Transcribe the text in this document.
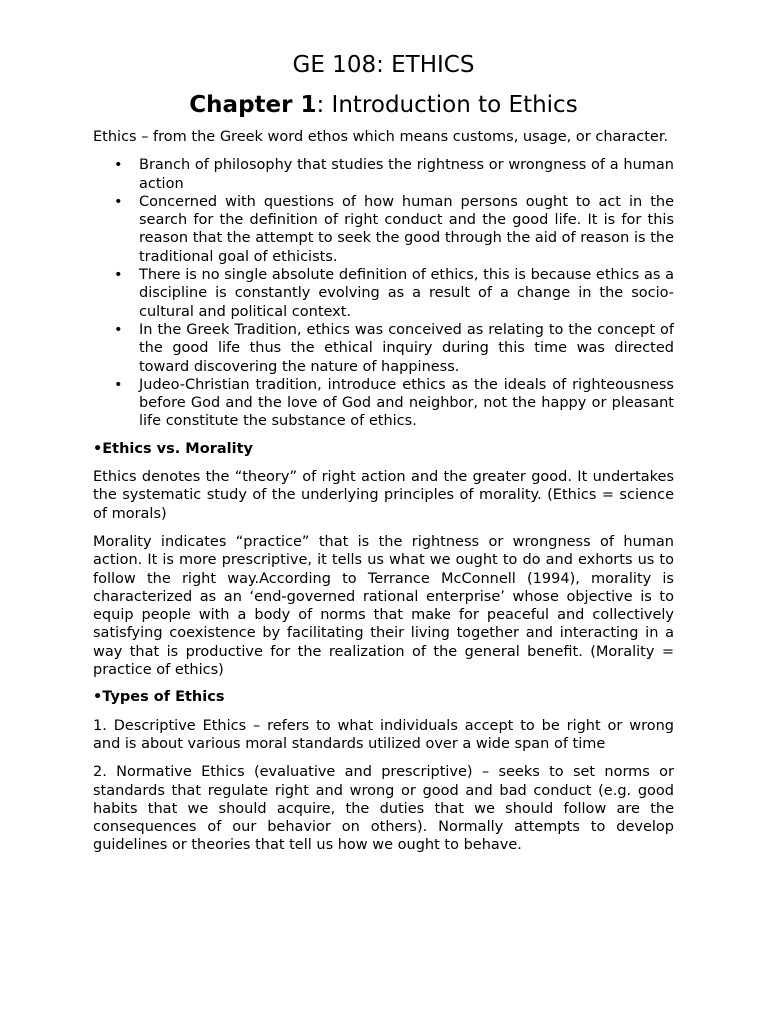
GE 108: ETHICS
Chapter 1: Introduction to Ethics

Ethics – from the Greek word ethos which means customs, usage, or character.

• Branch of philosophy that studies the rightness or wrongness of a human action
• Concerned with questions of how human persons ought to act in the search for the definition of right conduct and the good life. It is for this reason that the attempt to seek the good through the aid of reason is the traditional goal of ethicists.
• There is no single absolute definition of ethics, this is because ethics as a discipline is constantly evolving as a result of a change in the socio-cultural and political context.
• In the Greek Tradition, ethics was conceived as relating to the concept of the good life thus the ethical inquiry during this time was directed toward discovering the nature of happiness.
• Judeo-Christian tradition, introduce ethics as the ideals of righteousness before God and the love of God and neighbor, not the happy or pleasant life constitute the substance of ethics.
•Ethics vs. Morality

Ethics denotes the “theory” of right action and the greater good. It undertakes the systematic study of the underlying principles of morality. (Ethics = science of morals)

Morality indicates “practice” that is the rightness or wrongness of human action. It is more prescriptive, it tells us what we ought to do and exhorts us to follow the right way.According to Terrance McConnell (1994), morality is characterized as an ‘end-governed rational enterprise’ whose objective is to equip people with a body of norms that make for peaceful and collectively satisfying coexistence by facilitating their living together and interacting in a way that is productive for the realization of the general benefit. (Morality = practice of ethics)

•Types of Ethics

1. Descriptive Ethics – refers to what individuals accept to be right or wrong and is about various moral standards utilized over a wide span of time

2. Normative Ethics (evaluative and prescriptive) – seeks to set norms or standards that regulate right and wrong or good and bad conduct (e.g. good habits that we should acquire, the duties that we should follow are the consequences of our behavior on others). Normally attempts to develop guidelines or theories that tell us how we ought to behave.
